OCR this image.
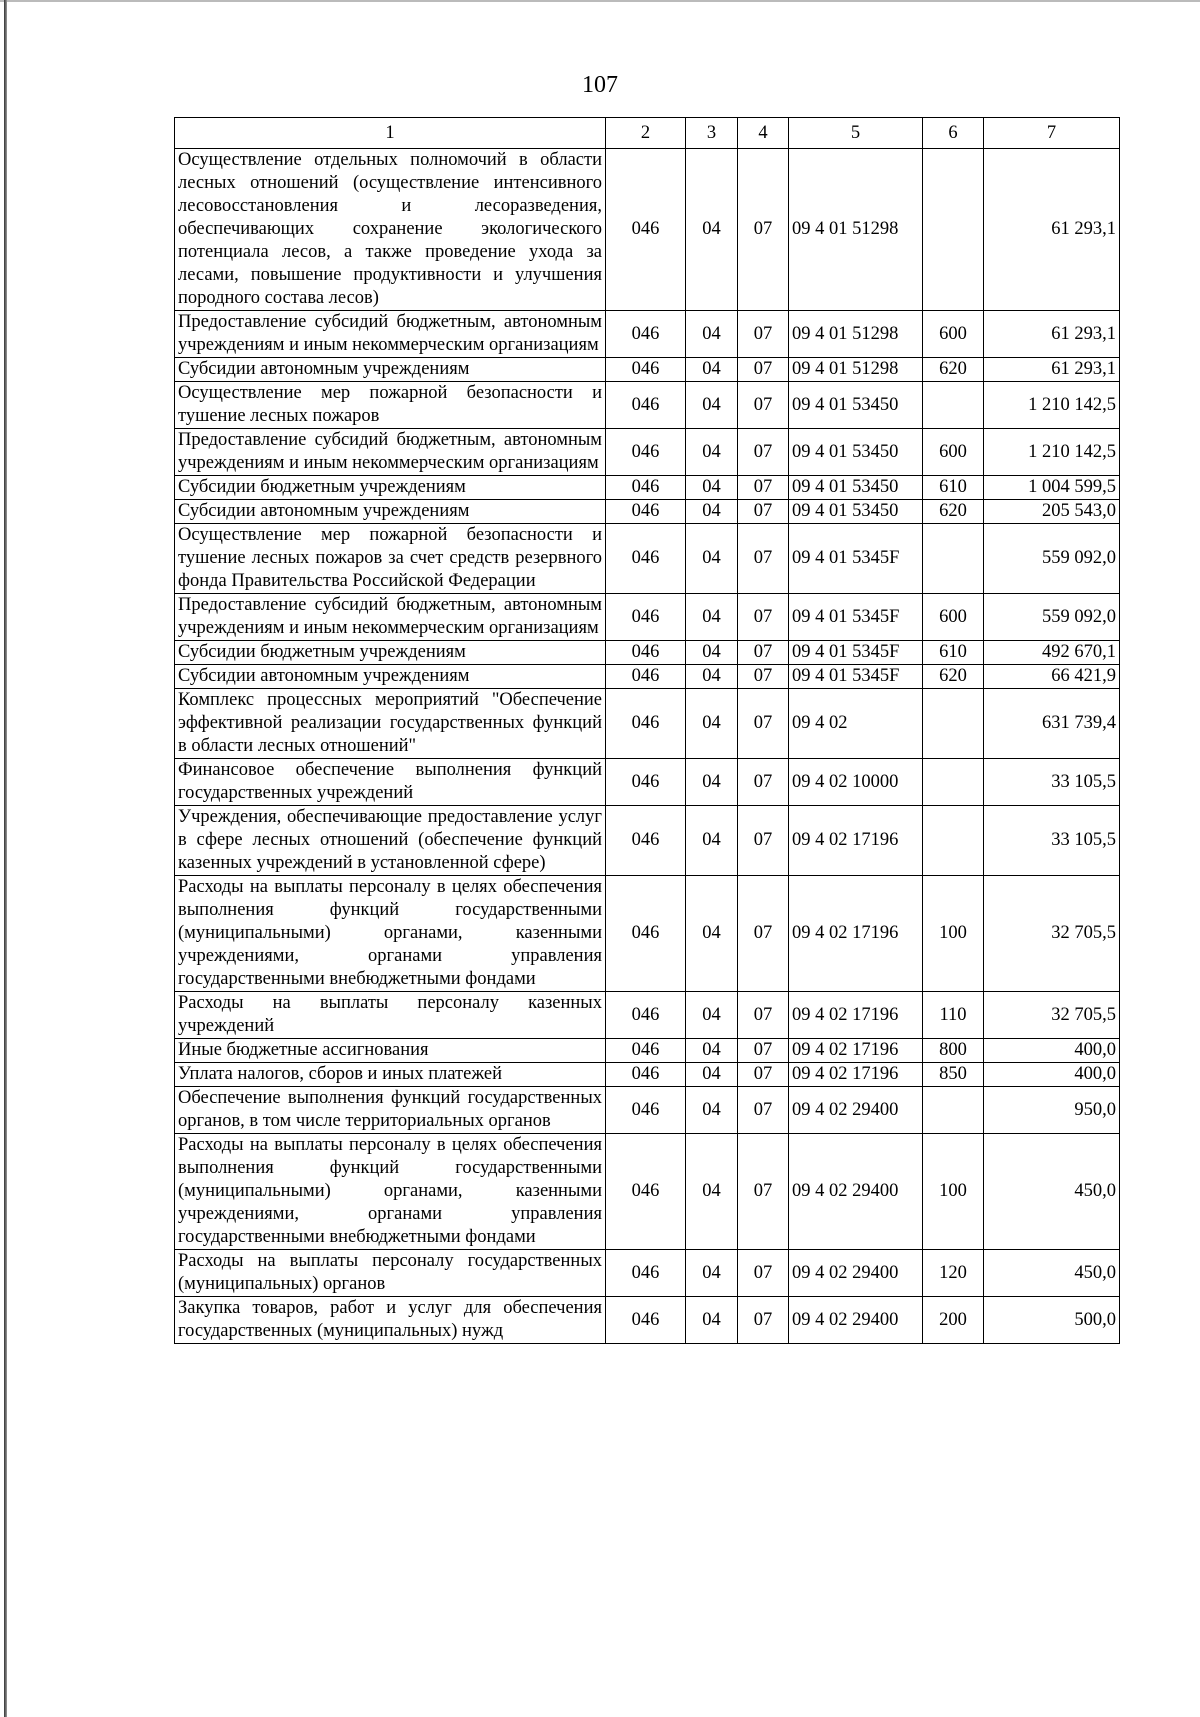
107
1	2	3	4	5	6	7
Осуществление отдельных полномочий в области лесных отношений (осуществление интенсивного лесовосстановления и лесоразведения, обеспечивающих сохранение экологического потенциала лесов, а также проведение ухода за лесами, повышение продуктивности и улучшения породного состава лесов)	046	04	07	09 4 01 51298		61 293,1
Предоставление субсидий бюджетным, автономным учреждениям и иным некоммерческим организациям	046	04	07	09 4 01 51298	600	61 293,1
Субсидии автономным учреждениям	046	04	07	09 4 01 51298	620	61 293,1
Осуществление мер пожарной безопасности и тушение лесных пожаров	046	04	07	09 4 01 53450		1 210 142,5
Предоставление субсидий бюджетным, автономным учреждениям и иным некоммерческим организациям	046	04	07	09 4 01 53450	600	1 210 142,5
Субсидии бюджетным учреждениям	046	04	07	09 4 01 53450	610	1 004 599,5
Субсидии автономным учреждениям	046	04	07	09 4 01 53450	620	205 543,0
Осуществление мер пожарной безопасности и тушение лесных пожаров за счет средств резервного фонда Правительства Российской Федерации	046	04	07	09 4 01 5345F		559 092,0
Предоставление субсидий бюджетным, автономным учреждениям и иным некоммерческим организациям	046	04	07	09 4 01 5345F	600	559 092,0
Субсидии бюджетным учреждениям	046	04	07	09 4 01 5345F	610	492 670,1
Субсидии автономным учреждениям	046	04	07	09 4 01 5345F	620	66 421,9
Комплекс процессных мероприятий "Обеспечение эффективной реализации государственных функций в области лесных отношений"	046	04	07	09 4 02		631 739,4
Финансовое обеспечение выполнения функций государственных учреждений	046	04	07	09 4 02 10000		33 105,5
Учреждения, обеспечивающие предоставление услуг в сфере лесных отношений (обеспечение функций казенных учреждений в установленной сфере)	046	04	07	09 4 02 17196		33 105,5
Расходы на выплаты персоналу в целях обеспечения выполнения функций государственными (муниципальными) органами, казенными учреждениями, органами управления государственными внебюджетными фондами	046	04	07	09 4 02 17196	100	32 705,5
Расходы на выплаты персоналу казенных учреждений	046	04	07	09 4 02 17196	110	32 705,5
Иные бюджетные ассигнования	046	04	07	09 4 02 17196	800	400,0
Уплата налогов, сборов и иных платежей	046	04	07	09 4 02 17196	850	400,0
Обеспечение выполнения функций государственных органов, в том числе территориальных органов	046	04	07	09 4 02 29400		950,0
Расходы на выплаты персоналу в целях обеспечения выполнения функций государственными (муниципальными) органами, казенными учреждениями, органами управления государственными внебюджетными фондами	046	04	07	09 4 02 29400	100	450,0
Расходы на выплаты персоналу государственных (муниципальных) органов	046	04	07	09 4 02 29400	120	450,0
Закупка товаров, работ и услуг для обеспечения государственных (муниципальных) нужд	046	04	07	09 4 02 29400	200	500,0
